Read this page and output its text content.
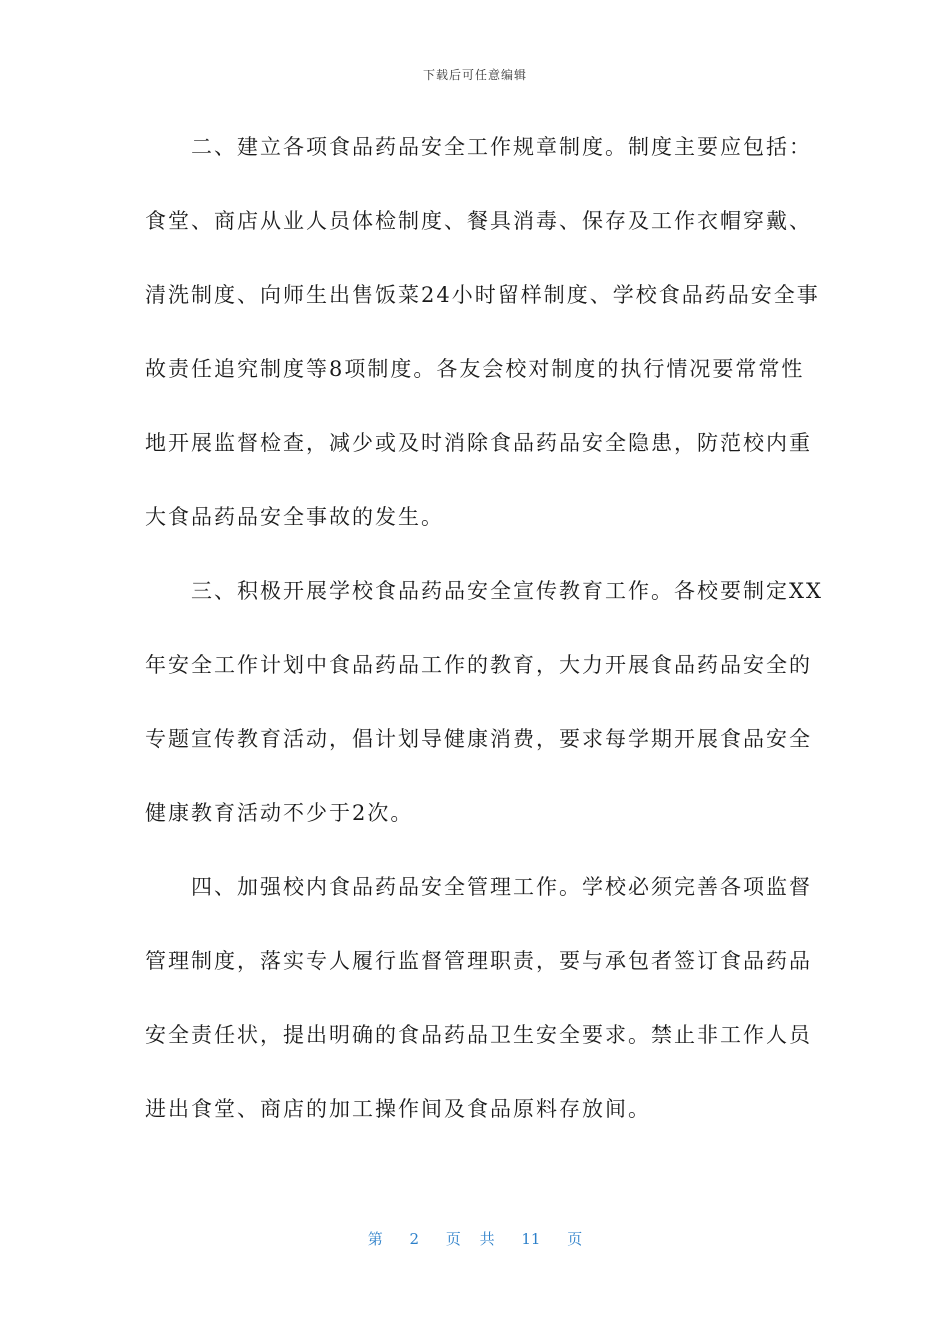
下载后可任意编辑

　　二、建立各项食品药品安全工作规章制度。制度主要应包括：
食堂、商店从业人员体检制度、餐具消毒、保存及工作衣帽穿戴、
清洗制度、向师生出售饭菜24小时留样制度、学校食品药品安全事
故责任追究制度等8项制度。各友会校对制度的执行情况要常常性
地开展监督检查，减少或及时消除食品药品安全隐患，防范校内重
大食品药品安全事故的发生。

　　三、积极开展学校食品药品安全宣传教育工作。各校要制定XX
年安全工作计划中食品药品工作的教育，大力开展食品药品安全的
专题宣传教育活动，倡计划导健康消费，要求每学期开展食品安全
健康教育活动不少于2次。

　　四、加强校内食品药品安全管理工作。学校必须完善各项监督
管理制度，落实专人履行监督管理职责，要与承包者签订食品药品
安全责任状，提出明确的食品药品卫生安全要求。禁止非工作人员
进出食堂、商店的加工操作间及食品原料存放间。

第 2 页 共 11 页
